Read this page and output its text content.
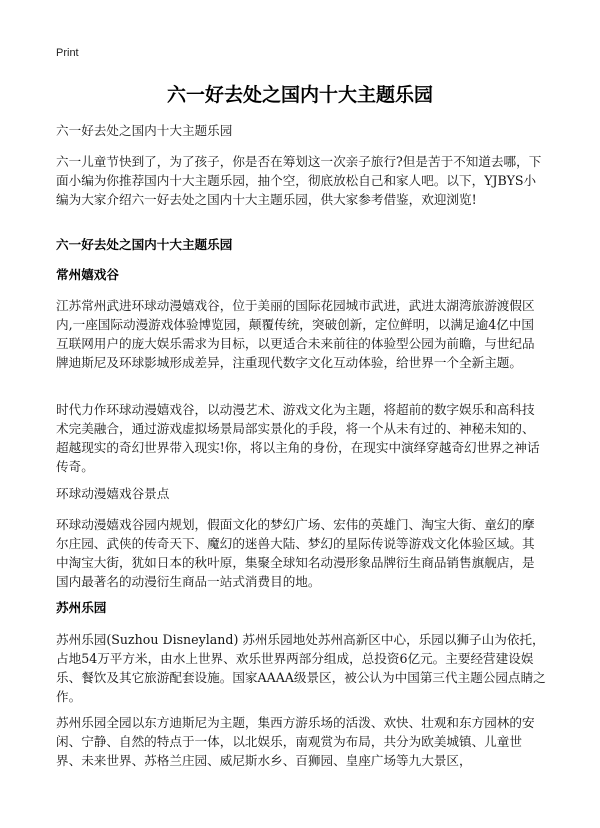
Print
六一好去处之国内十大主题乐园

六一好去处之国内十大主题乐园

六一儿童节快到了，为了孩子，你是否在筹划这一次亲子旅行?但是苦于不知道去哪，下面小编为你推荐国内十大主题乐园，抽个空，彻底放松自己和家人吧。以下，YJBYS小编为大家介绍六一好去处之国内十大主题乐园，供大家参考借鉴，欢迎浏览!

六一好去处之国内十大主题乐园

常州嬉戏谷

江苏常州武进环球动漫嬉戏谷，位于美丽的国际花园城市武进，武进太湖湾旅游渡假区内,一座国际动漫游戏体验博览园，颠覆传统，突破创新，定位鲜明，以满足逾4亿中国互联网用户的庞大娱乐需求为目标，以更适合未来前往的体验型公园为前瞻，与世纪品牌迪斯尼及环球影城形成差异，注重现代数字文化互动体验，给世界一个全新主题。

时代力作环球动漫嬉戏谷，以动漫艺术、游戏文化为主题，将超前的数字娱乐和高科技术完美融合，通过游戏虚拟场景局部实景化的手段，将一个从未有过的、神秘未知的、超越现实的奇幻世界带入现实!你，将以主角的身份，在现实中演绎穿越奇幻世界之神话传奇。

环球动漫嬉戏谷景点

环球动漫嬉戏谷园内规划，假面文化的梦幻广场、宏伟的英雄门、淘宝大街、童幻的摩尔庄园、武侠的传奇天下、魔幻的迷兽大陆、梦幻的星际传说等游戏文化体验区域。其中淘宝大街，犹如日本的秋叶原，集聚全球知名动漫形象品牌衍生商品销售旗舰店，是国内最著名的动漫衍生商品一站式消费目的地。

苏州乐园

苏州乐园(Suzhou Disneyland) 苏州乐园地处苏州高新区中心，乐园以狮子山为依托，占地54万平方米，由水上世界、欢乐世界两部分组成，总投资6亿元。主要经营建设娱乐、餐饮及其它旅游配套设施。国家AAAA级景区，被公认为中国第三代主题公园点睛之作。

苏州乐园全园以东方迪斯尼为主题，集西方游乐场的活泼、欢快、壮观和东方园林的安闲、宁静、自然的特点于一体，以北娱乐，南观赏为布局，共分为欧美城镇、儿童世界、未来世界、苏格兰庄园、威尼斯水乡、百狮园、皇座广场等九大景区，
